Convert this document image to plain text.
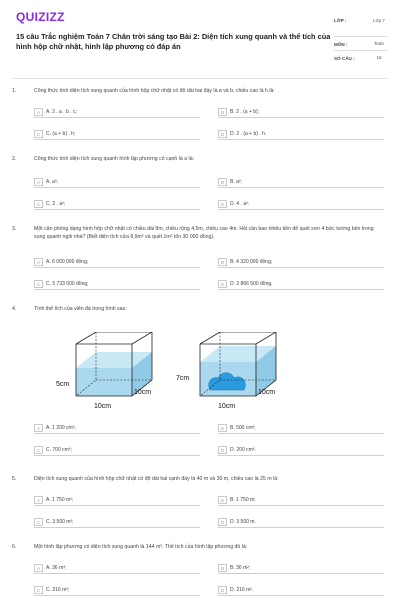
QUIZIZZ
15 câu Trắc nghiệm Toán 7 Chân trời sáng tạo Bài 2: Diện tích xung quanh và thể tích của hình hộp chữ nhật, hình lập phương có đáp án
LỚP :	Lớp 7
MÔN :	Toán
SỐ CÂU :	15
1.	Công thức tính diện tích xung quanh của hình hộp chữ nhật có độ dài hai đáy là a và b, chiều cao là h là:
A	A. 2 . a . b . c;	B	B. 2 . (a + b);
C	C. (a + b) . h;	D	D. 2 . (a + b) . h.
2.	Công thức tính diện tích xung quanh hình lập phương có cạnh là a là:
A	A. a³;	B	B. a²;
C	C. 2 . a²;	D	D. 4 . a².
3.	Một căn phòng dạng hình hộp chữ nhật có chiều dài 8m, chiều rộng 4,5m, chiều cao 4m. Hỏi cần bao nhiêu tiền để quét sơn 4 bức tường bên trong xung quanh ngôi nhà? (Biết diện tích cửa 8,9m² và quét 1m² tốn 30 000 đồng).
A	A. 6 000 000 đồng;	B	B. 4 320 000 đồng;
C	C. 5 733 000 đồng;	D	D. 2 866 500 đồng.
4.	Tính thể tích của viên đá trong hình sau:
5cm
10cm
10cm
7cm
10cm
10cm
A	A. 1 200 cm³;	B	B. 500 cm³;
C	C. 700 cm³;	D	D. 200 cm³.
5.	Diện tích xung quanh của hình hộp chữ nhật có độ dài hai cạnh đáy là 40 m và 30 m, chiều cao là 25 m là:
A	A. 1 750 m²;	B	B. 1 750 m;
C	C. 3 500 m²;	D	D. 3 500 m.
6.	Một hình lập phương có diện tích xung quanh là 144 m². Thể tích của hình lập phương đó là:
A	A. 36 m³;	B	B. 36 m²;
C	C. 216 m³;	D	D. 216 m².
